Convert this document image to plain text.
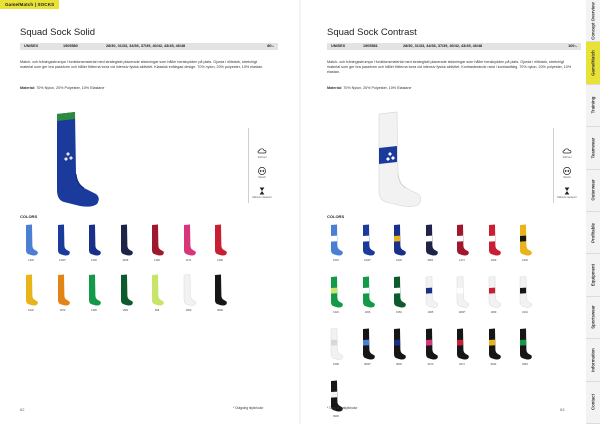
Game/Match | SOCKS
Squad Sock Solid
UNISEX	1905580	28/30, 31/33, 34/36, 37/39, 40/42, 43/45, 46/48	80:-
Match- och träningsstrumpa i funktionsmaterial med strategiskt placerade stickningar som håller benskydden på plats. Gjorda i elitstark, stretchigt material som ger bra passform och håller fötterna torra vid intensiv fysisk aktivitet. Klassisk enfärgad design. 70% nylon, 20% polyester, 10% elastan.
Material: 70% Nylon, 20% Polyester, 10% Elastane
Soft feel
Stretch
Moisture transport
COLORS
1346	1346*	1346	9946	1466	1471	1490
1932	1870	1366	1581	999	1900	9999
62	* Outgoing style/color
Squad Sock Contrast
UNISEX	1905581	28/30, 31/33, 34/36, 37/39, 40/42, 43/45, 46/48	100:-
Match- och träningsstrumpa i funktionsmaterial med strategiskt placerade stickningar som håller benskydden på plats. Gjorda i elitstark, stretchigt material som ger bra passform och håller fötterna torra vid intensiv fysisk aktivitet. Kontrasterande rand i kontrastfärg. 70% nylon, 20% polyester, 10% elastan.
Material: 70% Nylon, 20% Polyester, 10% Elastane
Soft feel
Stretch
Moisture transport
COLORS
1915	1946*	1946	9901	1471	1409	1932
1323	1366	1581	1905	1900*	1909	1901
1999	9946*	9946	9470	9471	9932	9381
9900
63
* Outgoing style/color
Concept Overview
Game/Match
Training
Teamwear
Outerwear
Profitable
Equipment
Sportswear
Information
Contact
